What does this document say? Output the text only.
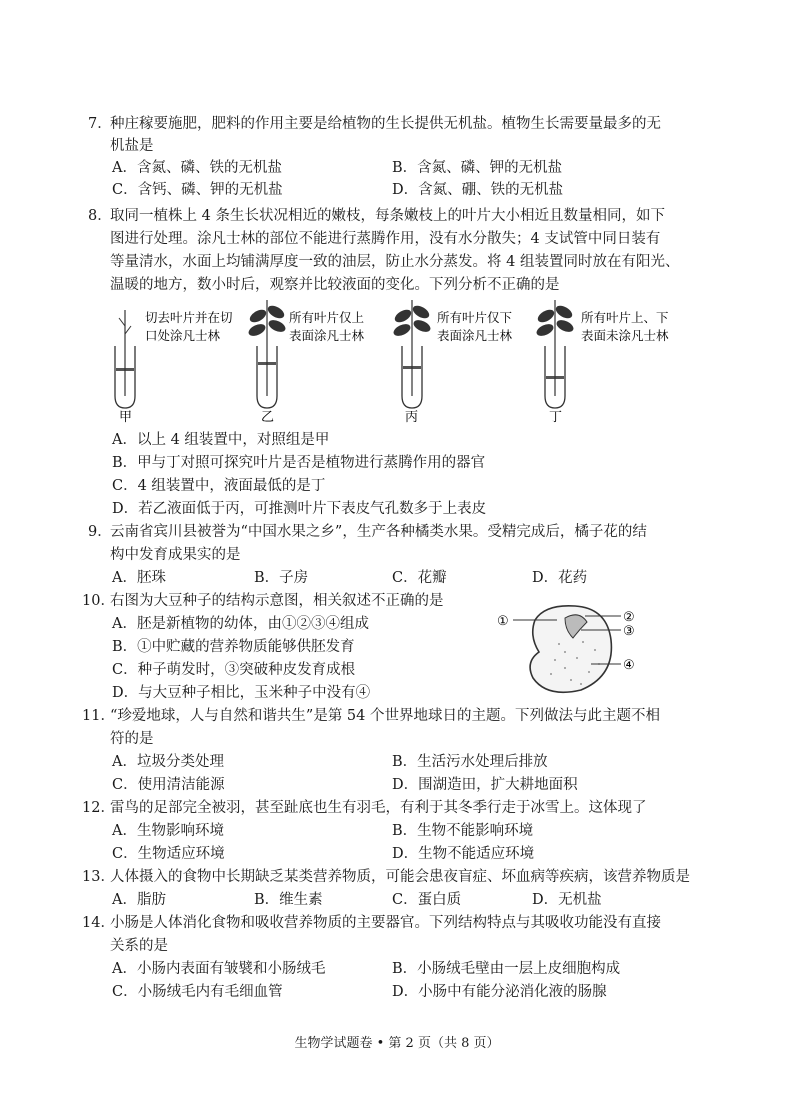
7．
种庄稼要施肥，肥料的作用主要是给植物的生长提供无机盐。植物生长需要量最多的无
机盐是
A．含氮、磷、铁的无机盐	B．含氮、磷、钾的无机盐
C．含钙、磷、钾的无机盐	D．含氮、硼、铁的无机盐
8．
取同一植株上 4 条生长状况相近的嫩枝，每条嫩枝上的叶片大小相近且数量相同，如下
图进行处理。涂凡士林的部位不能进行蒸腾作用，没有水分散失；4 支试管中同日装有
等量清水，水面上均铺满厚度一致的油层，防止水分蒸发。将 4 组装置同时放在有阳光、
温暖的地方，数小时后，观察并比较液面的变化。下列分析不正确的是
切去叶片并在切
口处涂凡士林
甲
所有叶片仅上
表面涂凡士林
乙
所有叶片仅下
表面涂凡士林
丙
所有叶片上、下
表面未涂凡士林
丁
A．以上 4 组装置中，对照组是甲
B．甲与丁对照可探究叶片是否是植物进行蒸腾作用的器官
C．4 组装置中，液面最低的是丁
D．若乙液面低于丙，可推测叶片下表皮气孔数多于上表皮
9．
云南省宾川县被誉为“中国水果之乡”，生产各种橘类水果。受精完成后，橘子花的结
构中发育成果实的是
A．胚珠	B．子房	C．花瓣	D．花药
10．
右图为大豆种子的结构示意图，相关叙述不正确的是
A．胚是新植物的幼体，由①②③④组成
B．①中贮藏的营养物质能够供胚发育
C．种子萌发时，③突破种皮发育成根
D．与大豆种子相比，玉米种子中没有④
①	②
③
④
11．
“珍爱地球，人与自然和谐共生”是第 54 个世界地球日的主题。下列做法与此主题不相
符的是
A．垃圾分类处理	B．生活污水处理后排放
C．使用清洁能源	D．围湖造田，扩大耕地面积
12．
雷鸟的足部完全被羽，甚至趾底也生有羽毛，有利于其冬季行走于冰雪上。这体现了
A．生物影响环境	B．生物不能影响环境
C．生物适应环境	D．生物不能适应环境
13．
人体摄入的食物中长期缺乏某类营养物质，可能会患夜盲症、坏血病等疾病，该营养物质是
A．脂肪	B．维生素	C．蛋白质	D．无机盐
14．
小肠是人体消化食物和吸收营养物质的主要器官。下列结构特点与其吸收功能没有直接
关系的是
A．小肠内表面有皱襞和小肠绒毛	B．小肠绒毛壁由一层上皮细胞构成
C．小肠绒毛内有毛细血管	D．小肠中有能分泌消化液的肠腺
生物学试题卷 • 第 2 页（共 8 页）
